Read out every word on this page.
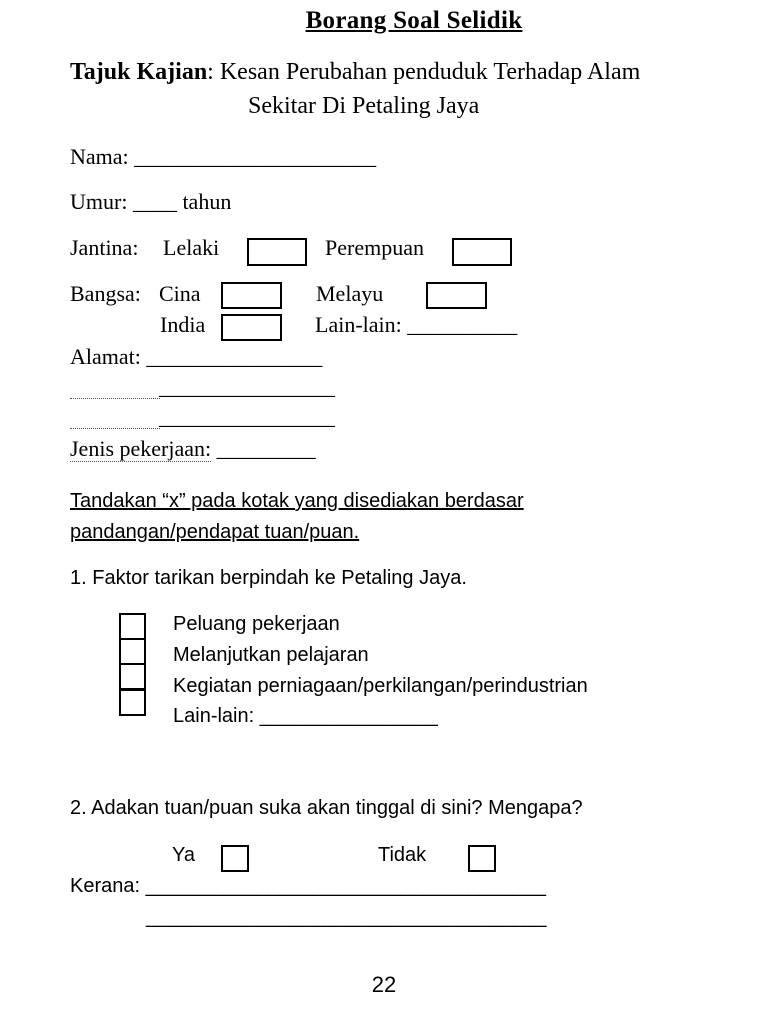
Borang Soal Selidik
Tajuk Kajian: Kesan Perubahan penduduk Terhadap Alam
Sekitar Di Petaling Jaya
Nama: ______________________
Umur: ____ tahun
Jantina: Lelaki	Perempuan
Bangsa: Cina	Melayu
India	Lain-lain: __________
Alamat: ________________
________________
________________
Jenis pekerjaan: _________
Tandakan “x” pada kotak yang disediakan berdasar
pandangan/pendapat tuan/puan.
1. Faktor tarikan berpindah ke Petaling Jaya.
Peluang pekerjaan
Melanjutkan pelajaran
Kegiatan perniagaan/perkilangan/perindustrian
Lain-lain: ________________
2. Adakan tuan/puan suka akan tinggal di sini? Mengapa?
Ya	Tidak
Kerana: ____________________________________
____________________________________
22
